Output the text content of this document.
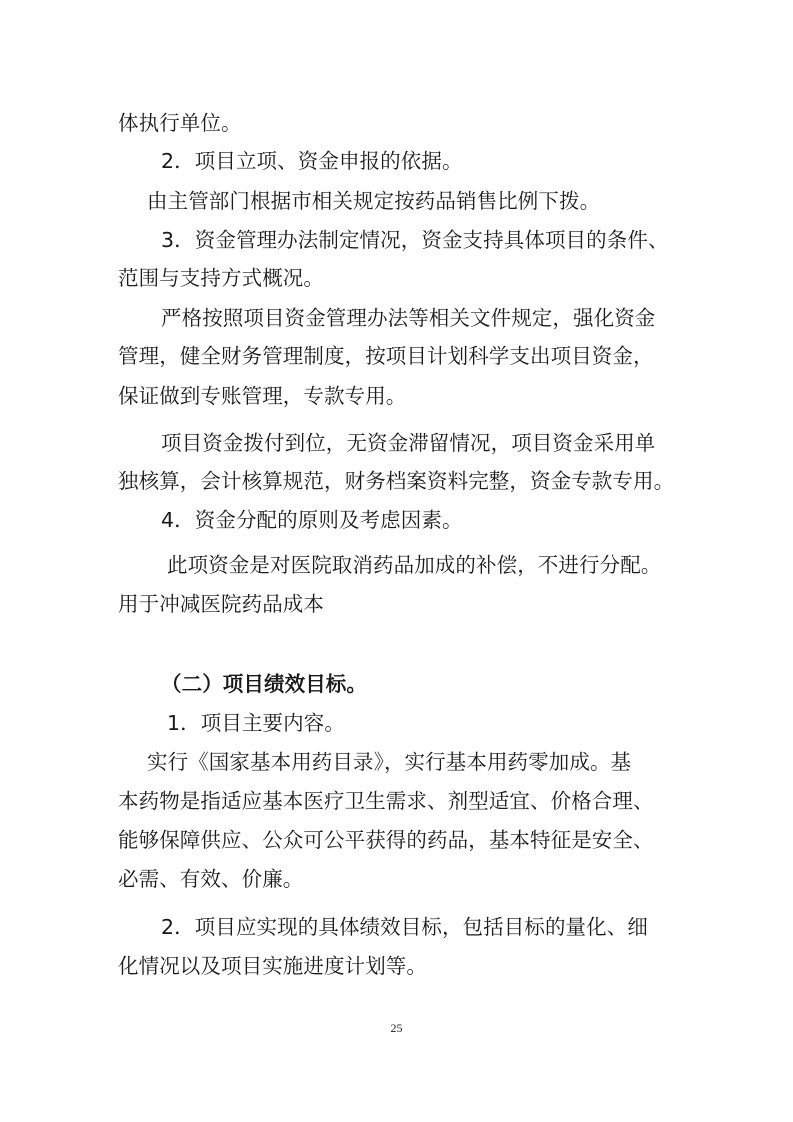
体执行单位。
2．项目立项、资金申报的依据。
由主管部门根据市相关规定按药品销售比例下拨。
3．资金管理办法制定情况，资金支持具体项目的条件、
范围与支持方式概况。
严格按照项目资金管理办法等相关文件规定，强化资金
管理，健全财务管理制度，按项目计划科学支出项目资金，
保证做到专账管理，专款专用。
项目资金拨付到位，无资金滞留情况，项目资金采用单
独核算，会计核算规范，财务档案资料完整，资金专款专用。
4．资金分配的原则及考虑因素。
此项资金是对医院取消药品加成的补偿，不进行分配。
用于冲减医院药品成本
（二）项目绩效目标。
1．项目主要内容。
实行《国家基本用药目录》，实行基本用药零加成。基
本药物是指适应基本医疗卫生需求、剂型适宜、价格合理、
能够保障供应、公众可公平获得的药品，基本特征是安全、
必需、有效、价廉。
2．项目应实现的具体绩效目标，包括目标的量化、细
化情况以及项目实施进度计划等。
25
